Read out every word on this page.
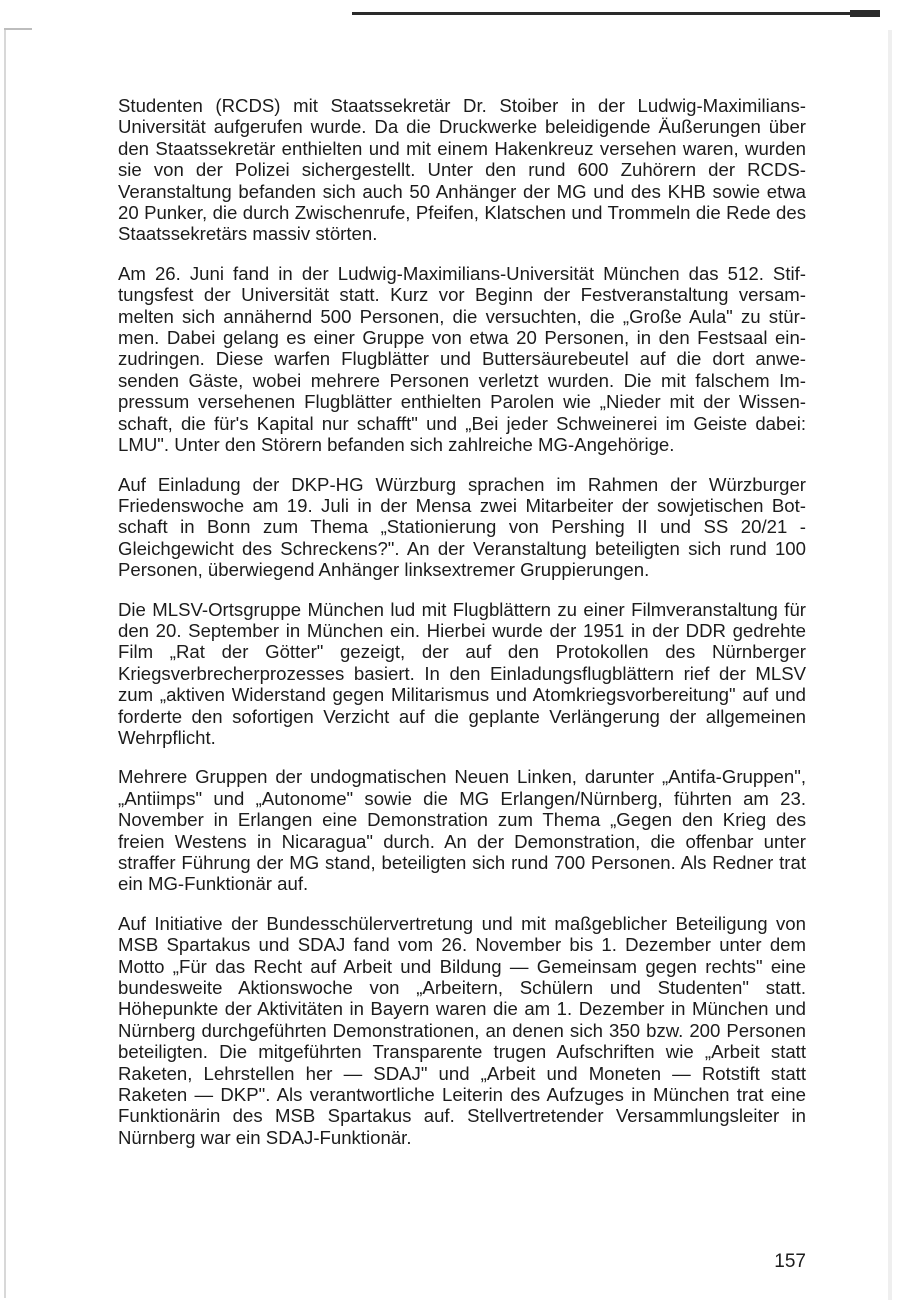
Studenten (RCDS) mit Staatssekretär Dr. Stoiber in der Ludwig-Maximilians-Universität aufgerufen wurde. Da die Druckwerke beleidigende Äußerungen über den Staatssekretär enthielten und mit einem Hakenkreuz versehen waren, wurden sie von der Polizei sichergestellt. Unter den rund 600 Zuhörern der RCDS-Veranstaltung befanden sich auch 50 Anhänger der MG und des KHB sowie etwa 20 Punker, die durch Zwischenrufe, Pfeifen, Klatschen und Trommeln die Rede des Staatssekretärs massiv störten.

Am 26. Juni fand in der Ludwig-Maximilians-Universität München das 512. Stiftungsfest der Universität statt. Kurz vor Beginn der Festveranstaltung versammelten sich annähernd 500 Personen, die versuchten, die „Große Aula" zu stürmen. Dabei gelang es einer Gruppe von etwa 20 Personen, in den Festsaal einzudringen. Diese warfen Flugblätter und Buttersäurebeutel auf die dort anwesenden Gäste, wobei mehrere Personen verletzt wurden. Die mit falschem Impressum versehenen Flugblätter enthielten Parolen wie „Nieder mit der Wissenschaft, die für's Kapital nur schafft" und „Bei jeder Schweinerei im Geiste dabei: LMU". Unter den Störern befanden sich zahlreiche MG-Angehörige.

Auf Einladung der DKP-HG Würzburg sprachen im Rahmen der Würzburger Friedenswoche am 19. Juli in der Mensa zwei Mitarbeiter der sowjetischen Botschaft in Bonn zum Thema „Stationierung von Pershing II und SS 20/21 - Gleichgewicht des Schreckens?". An der Veranstaltung beteiligten sich rund 100 Personen, überwiegend Anhänger linksextremer Gruppierungen.

Die MLSV-Ortsgruppe München lud mit Flugblättern zu einer Filmveranstaltung für den 20. September in München ein. Hierbei wurde der 1951 in der DDR gedrehte Film „Rat der Götter" gezeigt, der auf den Protokollen des Nürnberger Kriegsverbrecherprozesses basiert. In den Einladungsflugblättern rief der MLSV zum „aktiven Widerstand gegen Militarismus und Atomkriegsvorbereitung" auf und forderte den sofortigen Verzicht auf die geplante Verlängerung der allgemeinen Wehrpflicht.

Mehrere Gruppen der undogmatischen Neuen Linken, darunter „Antifa-Gruppen", „Antiimps" und „Autonome" sowie die MG Erlangen/Nürnberg, führten am 23. November in Erlangen eine Demonstration zum Thema „Gegen den Krieg des freien Westens in Nicaragua" durch. An der Demonstration, die offenbar unter straffer Führung der MG stand, beteiligten sich rund 700 Personen. Als Redner trat ein MG-Funktionär auf.

Auf Initiative der Bundesschülervertretung und mit maßgeblicher Beteiligung von MSB Spartakus und SDAJ fand vom 26. November bis 1. Dezember unter dem Motto „Für das Recht auf Arbeit und Bildung — Gemeinsam gegen rechts" eine bundesweite Aktionswoche von „Arbeitern, Schülern und Studenten" statt. Höhepunkte der Aktivitäten in Bayern waren die am 1. Dezember in München und Nürnberg durchgeführten Demonstrationen, an denen sich 350 bzw. 200 Personen beteiligten. Die mitgeführten Transparente trugen Aufschriften wie „Arbeit statt Raketen, Lehrstellen her — SDAJ" und „Arbeit und Moneten — Rotstift statt Raketen — DKP". Als verantwortliche Leiterin des Aufzuges in München trat eine Funktionärin des MSB Spartakus auf. Stellvertretender Versammlungsleiter in Nürnberg war ein SDAJ-Funktionär.

157
